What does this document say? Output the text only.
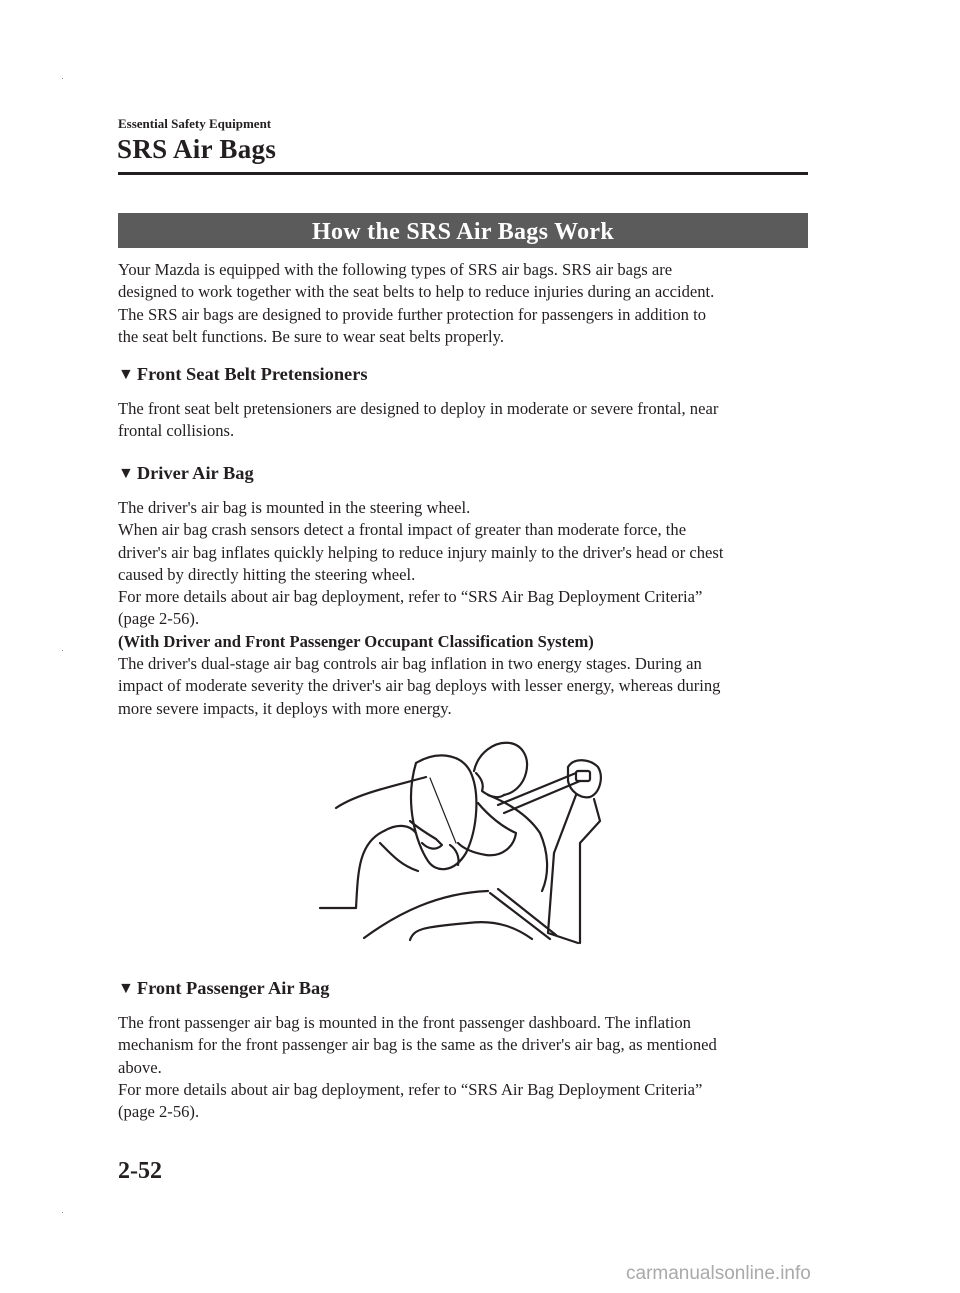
Essential Safety Equipment
SRS Air Bags
How the SRS Air Bags Work
Your Mazda is equipped with the following types of SRS air bags. SRS air bags are
designed to work together with the seat belts to help to reduce injuries during an accident.
The SRS air bags are designed to provide further protection for passengers in addition to
the seat belt functions. Be sure to wear seat belts properly.
▼ Front Seat Belt Pretensioners
The front seat belt pretensioners are designed to deploy in moderate or severe frontal, near
frontal collisions.
▼ Driver Air Bag
The driver's air bag is mounted in the steering wheel.
When air bag crash sensors detect a frontal impact of greater than moderate force, the
driver's air bag inflates quickly helping to reduce injury mainly to the driver's head or chest
caused by directly hitting the steering wheel.
For more details about air bag deployment, refer to “SRS Air Bag Deployment Criteria”
(page 2-56).
(With Driver and Front Passenger Occupant Classification System)
The driver's dual-stage air bag controls air bag inflation in two energy stages. During an
impact of moderate severity the driver's air bag deploys with lesser energy, whereas during
more severe impacts, it deploys with more energy.
▼ Front Passenger Air Bag
The front passenger air bag is mounted in the front passenger dashboard. The inflation
mechanism for the front passenger air bag is the same as the driver's air bag, as mentioned
above.
For more details about air bag deployment, refer to “SRS Air Bag Deployment Criteria”
(page 2-56).
2-52
carmanualsonline.info
